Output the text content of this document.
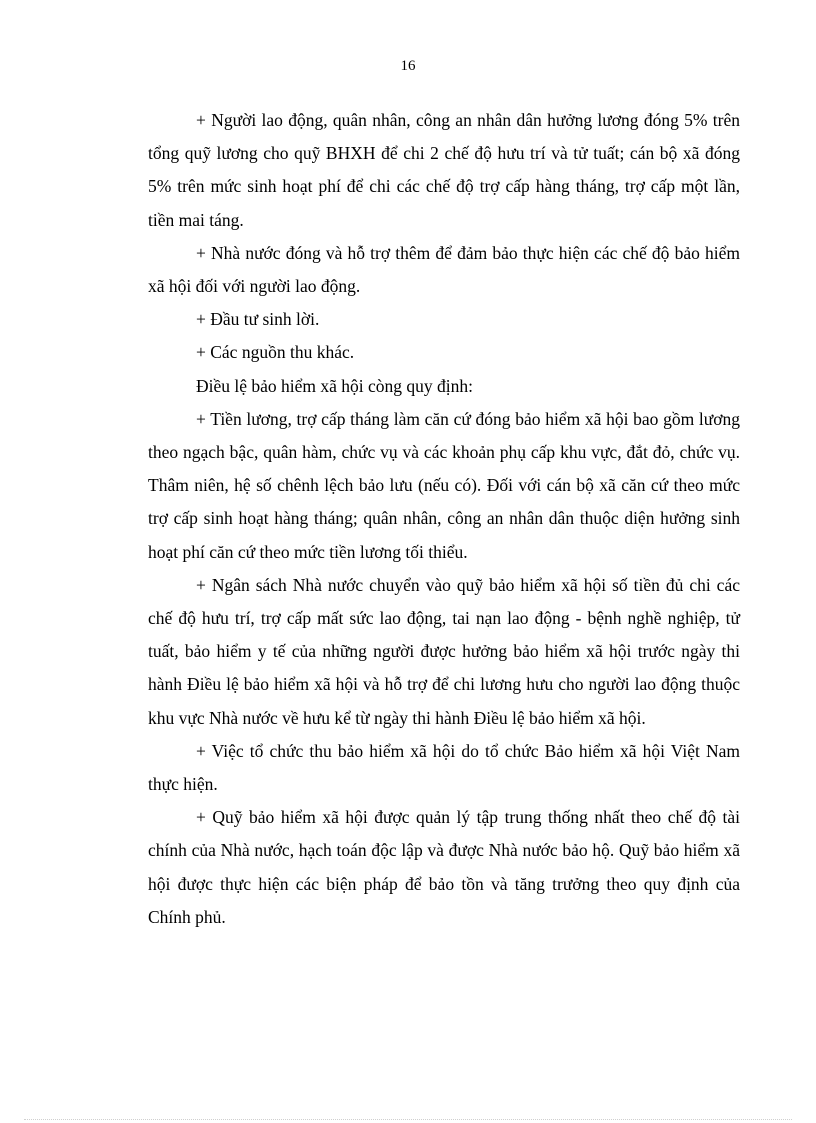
16

+ Người lao động, quân nhân, công an nhân dân hưởng lương đóng 5% trên tổng quỹ lương cho quỹ BHXH để chi 2 chế độ hưu trí và tử tuất; cán bộ xã đóng 5% trên mức sinh hoạt phí để chi các chế độ trợ cấp hàng tháng, trợ cấp một lần, tiền mai táng.

+ Nhà nước đóng và hỗ trợ thêm để đảm bảo thực hiện các chế độ bảo hiểm xã hội đối với người lao động.

+ Đầu tư sinh lời.

+ Các nguồn thu khác.

Điều lệ bảo hiểm xã hội còng quy định:

+ Tiền lương, trợ cấp tháng làm căn cứ đóng bảo hiểm xã hội bao gồm lương theo ngạch bậc, quân hàm, chức vụ và các khoản phụ cấp khu vực, đắt đỏ, chức vụ. Thâm niên, hệ số chênh lệch bảo lưu (nếu có). Đối với cán bộ xã căn cứ theo mức trợ cấp sinh hoạt hàng tháng; quân nhân, công an nhân dân thuộc diện hưởng sinh hoạt phí căn cứ theo mức tiền lương tối thiểu.

+ Ngân sách Nhà nước chuyển vào quỹ bảo hiểm xã hội số tiền đủ chi các chế độ hưu trí, trợ cấp mất sức lao động, tai nạn lao động - bệnh nghề nghiệp, tử tuất, bảo hiểm y tế của những người được hưởng bảo hiểm xã hội trước ngày thi hành Điều lệ bảo hiểm xã hội và hỗ trợ để chi lương hưu cho người lao động thuộc khu vực Nhà nước về hưu kể từ ngày thi hành Điều lệ bảo hiểm xã hội.

+ Việc tổ chức thu bảo hiểm xã hội do tổ chức Bảo hiểm xã hội Việt Nam thực hiện.

+ Quỹ bảo hiểm xã hội được quản lý tập trung thống nhất theo chế độ tài chính của Nhà nước, hạch toán độc lập và được Nhà nước bảo hộ. Quỹ bảo hiểm xã hội được thực hiện các biện pháp để bảo tồn và tăng trưởng theo quy định của Chính phủ.
